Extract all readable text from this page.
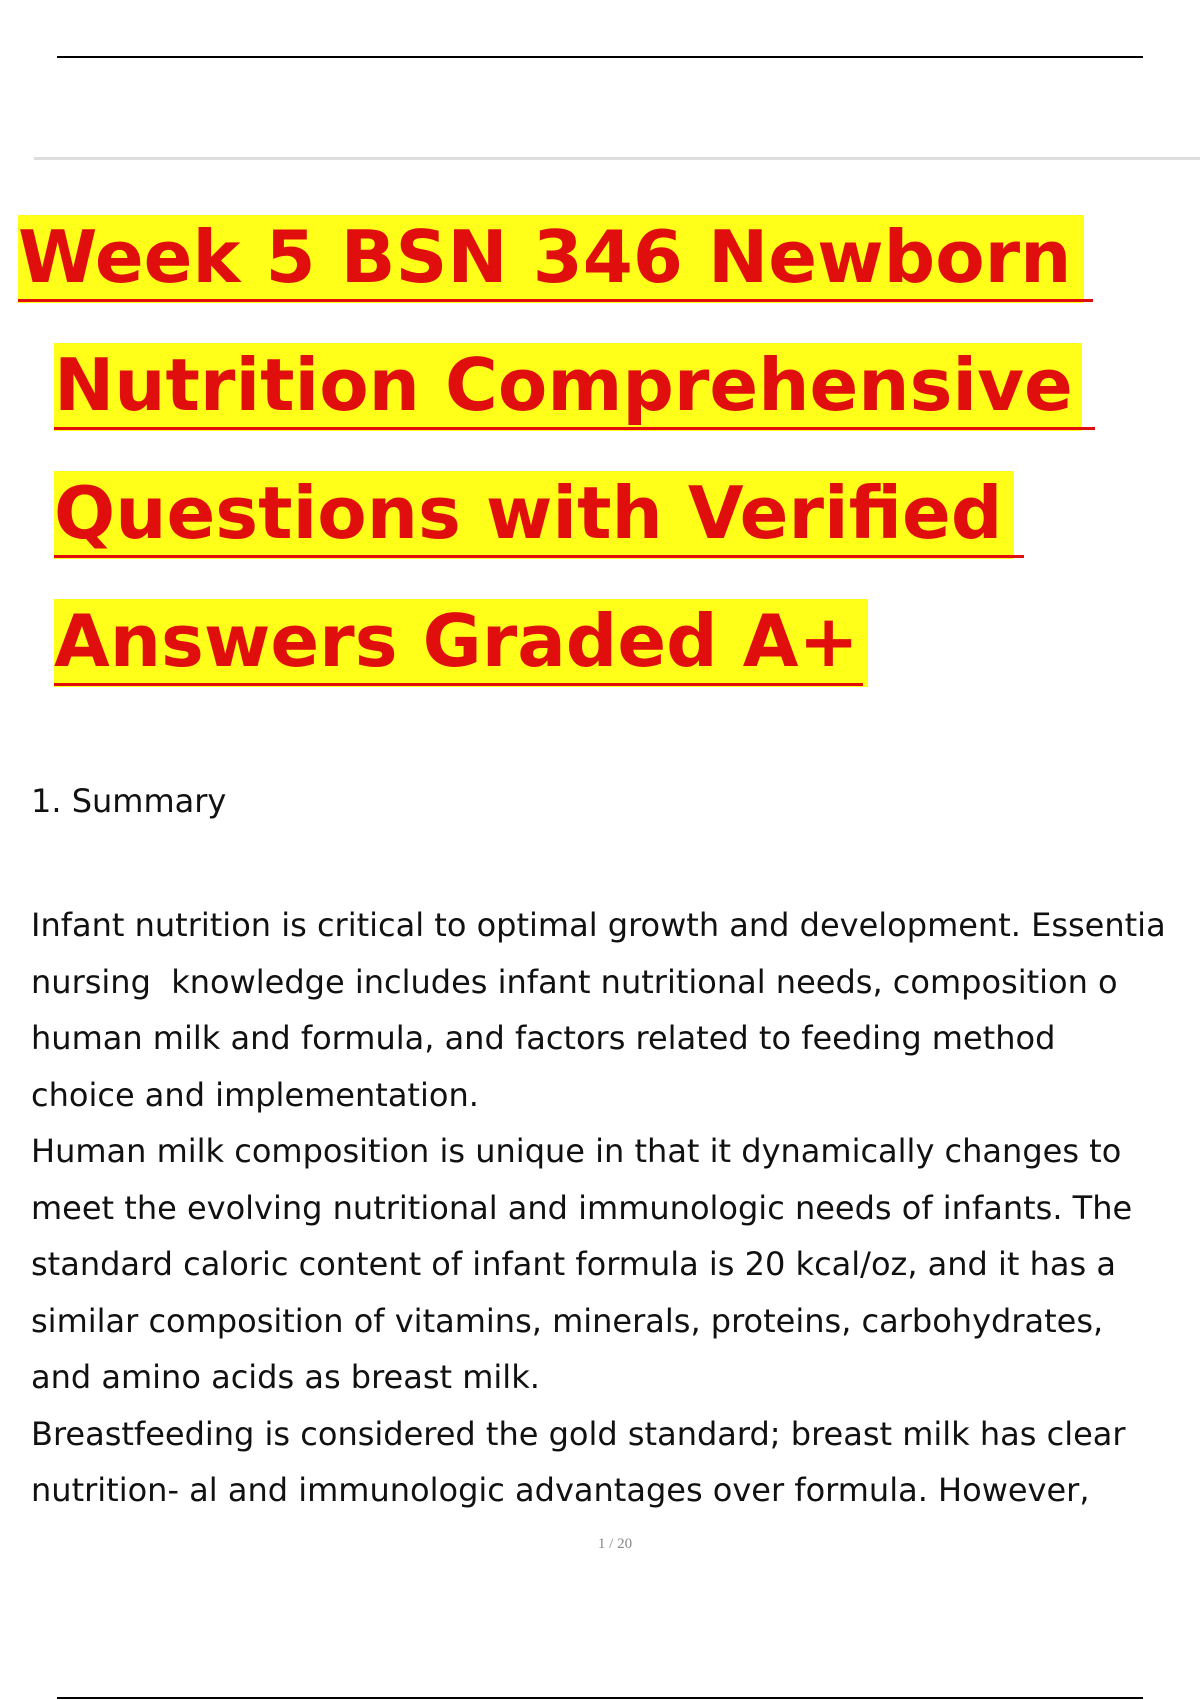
Week 5 BSN 346 Newborn
Nutrition Comprehensive
Questions with Verified
Answers Graded A+
1. Summary
Infant nutrition is critical to optimal growth and development. Essentia
nursing  knowledge includes infant nutritional needs, composition o
human milk and formula, and factors related to feeding method
choice and implementation.
Human milk composition is unique in that it dynamically changes to
meet the evolving nutritional and immunologic needs of infants. The
standard caloric content of infant formula is 20 kcal/oz, and it has a
similar composition of vitamins, minerals, proteins, carbohydrates,
and amino acids as breast milk.
Breastfeeding is considered the gold standard; breast milk has clear
nutrition- al and immunologic advantages over formula. However,
1 / 20
